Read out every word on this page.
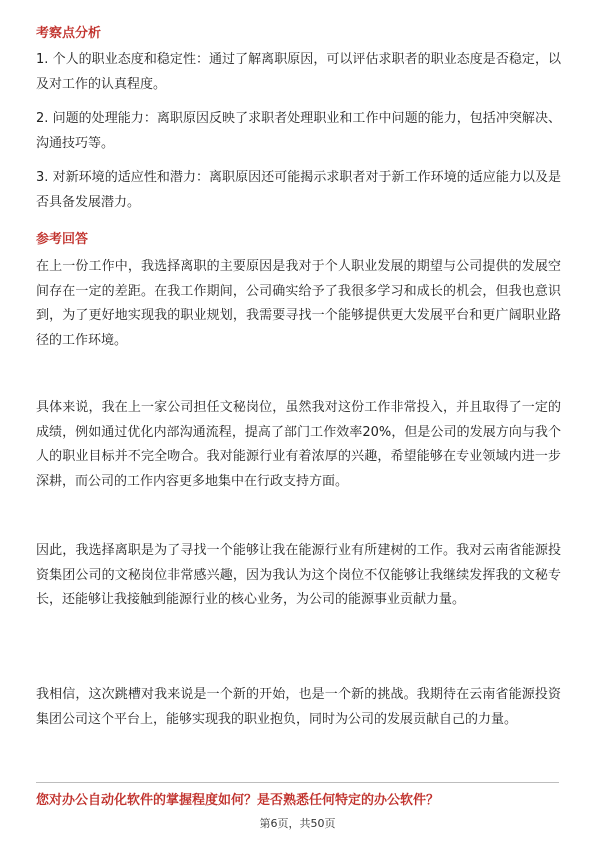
考察点分析

1. 个人的职业态度和稳定性：通过了解离职原因，可以评估求职者的职业态度是否稳定，以及对工作的认真程度。

2. 问题的处理能力：离职原因反映了求职者处理职业和工作中问题的能力，包括冲突解决、沟通技巧等。

3. 对新环境的适应性和潜力：离职原因还可能揭示求职者对于新工作环境的适应能力以及是否具备发展潜力。

参考回答

在上一份工作中，我选择离职的主要原因是我对于个人职业发展的期望与公司提供的发展空间存在一定的差距。在我工作期间，公司确实给予了我很多学习和成长的机会，但我也意识到，为了更好地实现我的职业规划，我需要寻找一个能够提供更大发展平台和更广阔职业路径的工作环境。

具体来说，我在上一家公司担任文秘岗位，虽然我对这份工作非常投入，并且取得了一定的成绩，例如通过优化内部沟通流程，提高了部门工作效率20%，但是公司的发展方向与我个人的职业目标并不完全吻合。我对能源行业有着浓厚的兴趣，希望能够在专业领域内进一步深耕，而公司的工作内容更多地集中在行政支持方面。

因此，我选择离职是为了寻找一个能够让我在能源行业有所建树的工作。我对云南省能源投资集团公司的文秘岗位非常感兴趣，因为我认为这个岗位不仅能够让我继续发挥我的文秘专长，还能够让我接触到能源行业的核心业务，为公司的能源事业贡献力量。

我相信，这次跳槽对我来说是一个新的开始，也是一个新的挑战。我期待在云南省能源投资集团公司这个平台上，能够实现我的职业抱负，同时为公司的发展贡献自己的力量。

您对办公自动化软件的掌握程度如何？是否熟悉任何特定的办公软件？

第6页，共50页
